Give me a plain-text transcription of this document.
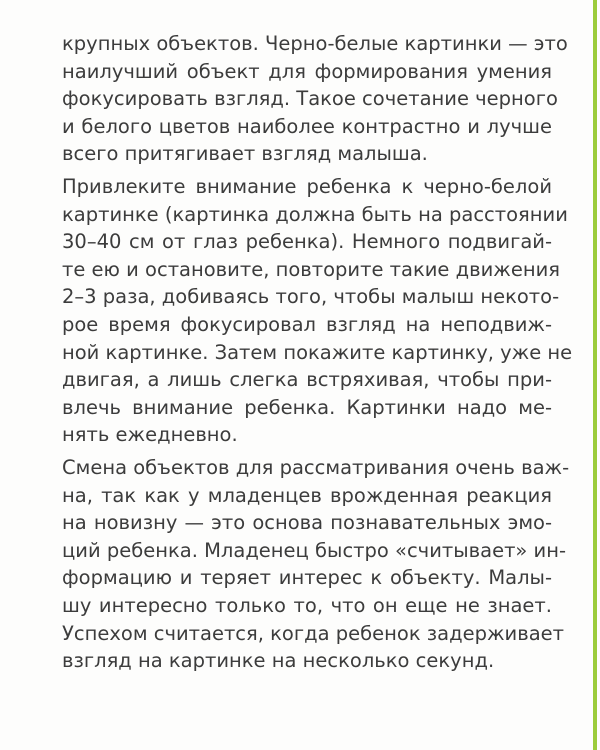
крупных объектов. Черно-белые картинки — это
наилучший объект для формирования умения
фокусировать взгляд. Такое сочетание черного
и белого цветов наиболее контрастно и лучше
всего притягивает взгляд малыша.
Привлеките внимание ребенка к черно-белой
картинке (картинка должна быть на расстоянии
30–40 см от глаз ребенка). Немного подвигай-
те ею и остановите, повторите такие движения
2–3 раза, добиваясь того, чтобы малыш некото-
рое время фокусировал взгляд на неподвиж-
ной картинке. Затем покажите картинку, уже не
двигая, а лишь слегка встряхивая, чтобы при-
влечь внимание ребенка. Картинки надо ме-
нять ежедневно.
Смена объектов для рассматривания очень важ-
на, так как у младенцев врожденная реакция
на новизну — это основа познавательных эмо-
ций ребенка. Младенец быстро «считывает» ин-
формацию и теряет интерес к объекту. Малы-
шу интересно только то, что он еще не знает.
Успехом считается, когда ребенок задерживает
взгляд на картинке на несколько секунд.
